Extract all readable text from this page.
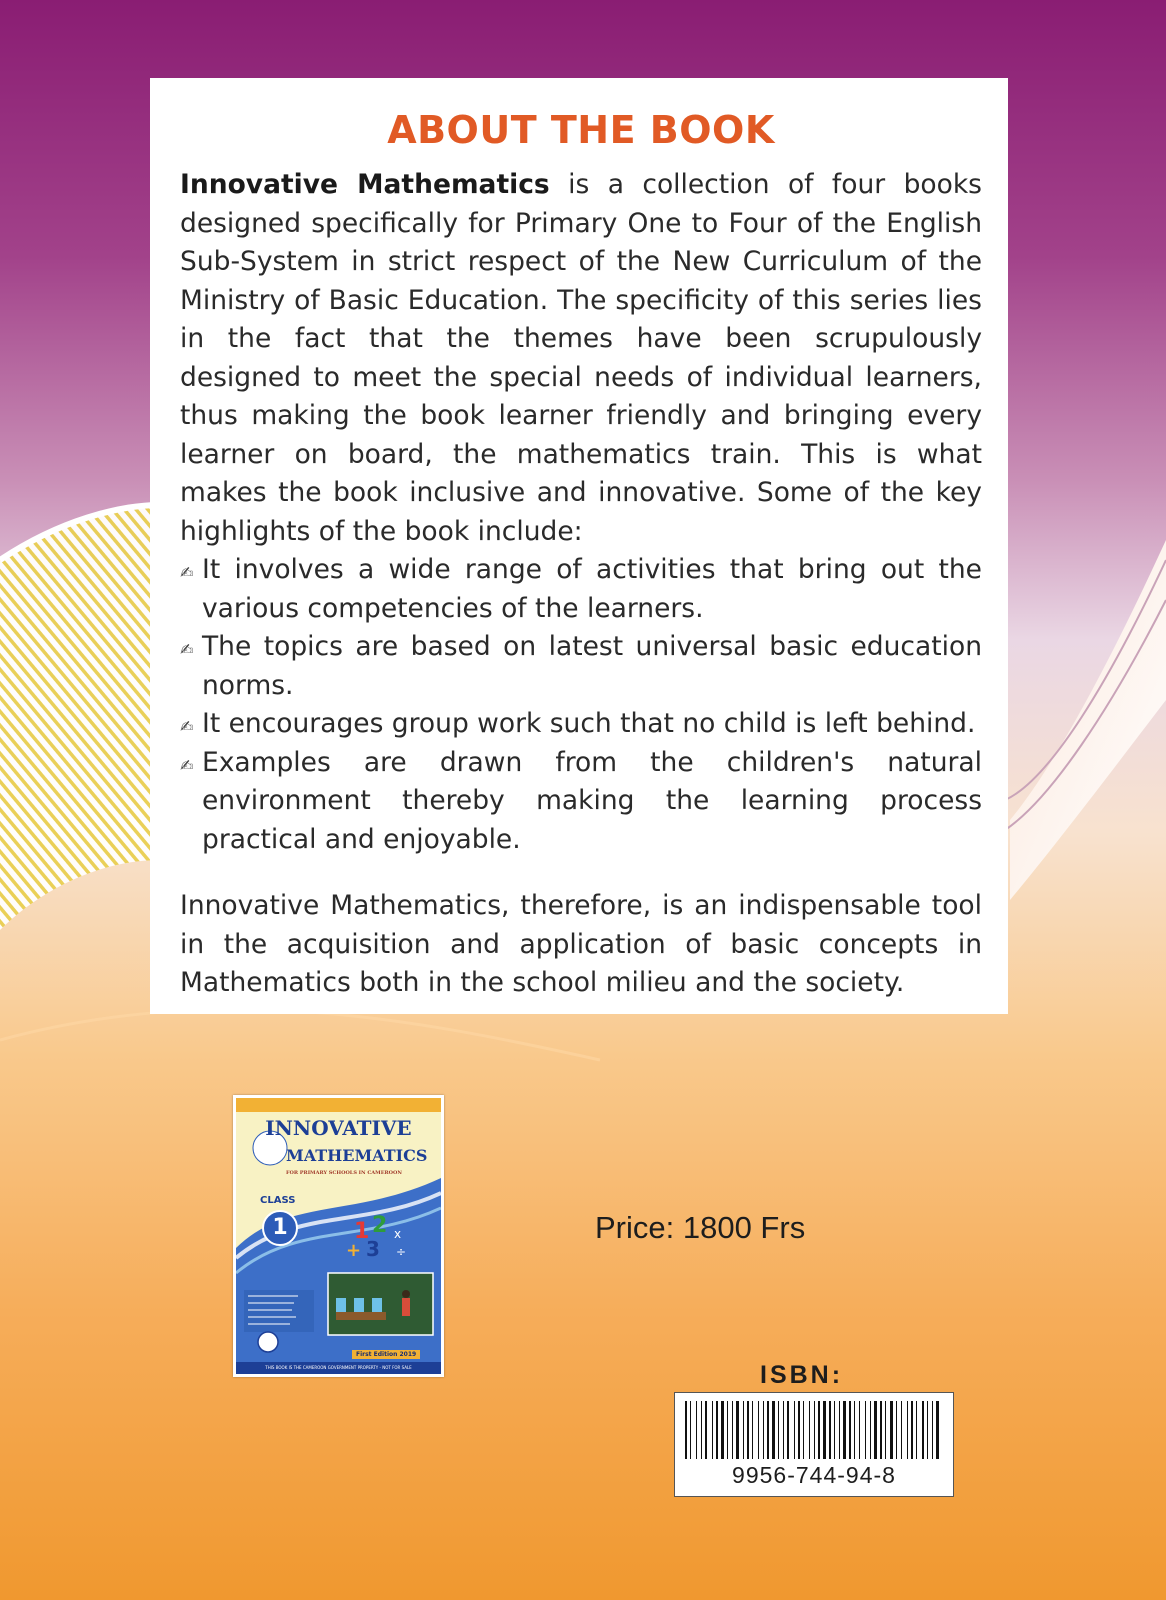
ABOUT THE BOOK

Innovative Mathematics is a collection of four books designed specifically for Primary One to Four of the English Sub-System in strict respect of the New Curriculum of the Ministry of Basic Education. The specificity of this series lies in the fact that the themes have been scrupulously designed to meet the special needs of individual learners, thus making the book learner friendly and bringing every learner on board, the mathematics train. This is what makes the book inclusive and innovative. Some of the key highlights of the book include:

✍ It involves a wide range of activities that bring out the various competencies of the learners.
✍ The topics are based on latest universal basic education norms.
✍ It encourages group work such that no child is left behind.
✍ Examples are drawn from the children's natural environment thereby making the learning process practical and enjoyable.

Innovative Mathematics, therefore, is an indispensable tool in the acquisition and application of basic concepts in Mathematics both in the school milieu and the society.

1 2
3
+
x
÷
INNOVATIVE
MATHEMATICS
FOR PRIMARY SCHOOLS IN CAMEROON
CLASS
1
First Edition 2019
THIS BOOK IS THE CAMEROON GOVERNMENT PROPERTY - NOT FOR SALE

Price: 1800 Frs

ISBN:
9956-744-94-8
